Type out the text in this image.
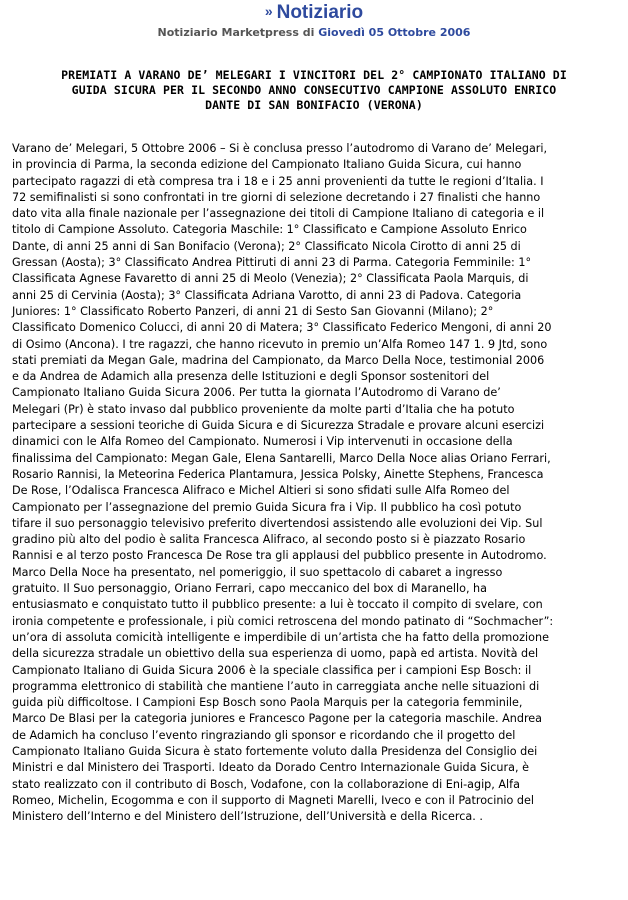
» Notiziario
Notiziario Marketpress di Giovedì 05 Ottobre 2006
PREMIATI A VARANO DE’ MELEGARI I VINCITORI DEL 2° CAMPIONATO ITALIANO DI
GUIDA SICURA PER IL SECONDO ANNO CONSECUTIVO CAMPIONE ASSOLUTO ENRICO
DANTE DI SAN BONIFACIO (VERONA)
Varano de’ Melegari, 5 Ottobre 2006 – Si è conclusa presso l’autodromo di Varano de’ Melegari,
in provincia di Parma, la seconda edizione del Campionato Italiano Guida Sicura, cui hanno
partecipato ragazzi di età compresa tra i 18 e i 25 anni provenienti da tutte le regioni d’Italia. I
72 semifinalisti si sono confrontati in tre giorni di selezione decretando i 27 finalisti che hanno
dato vita alla finale nazionale per l’assegnazione dei titoli di Campione Italiano di categoria e il
titolo di Campione Assoluto. Categoria Maschile: 1° Classificato e Campione Assoluto Enrico
Dante, di anni 25 anni di San Bonifacio (Verona); 2° Classificato Nicola Cirotto di anni 25 di
Gressan (Aosta); 3° Classificato Andrea Pittiruti di anni 23 di Parma. Categoria Femminile: 1°
Classificata Agnese Favaretto di anni 25 di Meolo (Venezia); 2° Classificata Paola Marquis, di
anni 25 di Cervinia (Aosta); 3° Classificata Adriana Varotto, di anni 23 di Padova. Categoria
Juniores: 1° Classificato Roberto Panzeri, di anni 21 di Sesto San Giovanni (Milano); 2°
Classificato Domenico Colucci, di anni 20 di Matera; 3° Classificato Federico Mengoni, di anni 20
di Osimo (Ancona). I tre ragazzi, che hanno ricevuto in premio un’Alfa Romeo 147 1. 9 Jtd, sono
stati premiati da Megan Gale, madrina del Campionato, da Marco Della Noce, testimonial 2006
e da Andrea de Adamich alla presenza delle Istituzioni e degli Sponsor sostenitori del
Campionato Italiano Guida Sicura 2006. Per tutta la giornata l’Autodromo di Varano de’
Melegari (Pr) è stato invaso dal pubblico proveniente da molte parti d’Italia che ha potuto
partecipare a sessioni teoriche di Guida Sicura e di Sicurezza Stradale e provare alcuni esercizi
dinamici con le Alfa Romeo del Campionato. Numerosi i Vip intervenuti in occasione della
finalissima del Campionato: Megan Gale, Elena Santarelli, Marco Della Noce alias Oriano Ferrari,
Rosario Rannisi, la Meteorina Federica Plantamura, Jessica Polsky, Ainette Stephens, Francesca
De Rose, l’Odalisca Francesca Alifraco e Michel Altieri si sono sfidati sulle Alfa Romeo del
Campionato per l’assegnazione del premio Guida Sicura fra i Vip. Il pubblico ha così potuto
tifare il suo personaggio televisivo preferito divertendosi assistendo alle evoluzioni dei Vip. Sul
gradino più alto del podio è salita Francesca Alifraco, al secondo posto si è piazzato Rosario
Rannisi e al terzo posto Francesca De Rose tra gli applausi del pubblico presente in Autodromo.
Marco Della Noce ha presentato, nel pomeriggio, il suo spettacolo di cabaret a ingresso
gratuito. Il Suo personaggio, Oriano Ferrari, capo meccanico del box di Maranello, ha
entusiasmato e conquistato tutto il pubblico presente: a lui è toccato il compito di svelare, con
ironia competente e professionale, i più comici retroscena del mondo patinato di “Sochmacher”:
un’ora di assoluta comicità intelligente e imperdibile di un’artista che ha fatto della promozione
della sicurezza stradale un obiettivo della sua esperienza di uomo, papà ed artista. Novità del
Campionato Italiano di Guida Sicura 2006 è la speciale classifica per i campioni Esp Bosch: il
programma elettronico di stabilità che mantiene l’auto in carreggiata anche nelle situazioni di
guida più difficoltose. I Campioni Esp Bosch sono Paola Marquis per la categoria femminile,
Marco De Blasi per la categoria juniores e Francesco Pagone per la categoria maschile. Andrea
de Adamich ha concluso l’evento ringraziando gli sponsor e ricordando che il progetto del
Campionato Italiano Guida Sicura è stato fortemente voluto dalla Presidenza del Consiglio dei
Ministri e dal Ministero dei Trasporti. Ideato da Dorado Centro Internazionale Guida Sicura, è
stato realizzato con il contributo di Bosch, Vodafone, con la collaborazione di Eni-agip, Alfa
Romeo, Michelin, Ecogomma e con il supporto di Magneti Marelli, Iveco e con il Patrocinio del
Ministero dell’Interno e del Ministero dell’Istruzione, dell’Università e della Ricerca. .
